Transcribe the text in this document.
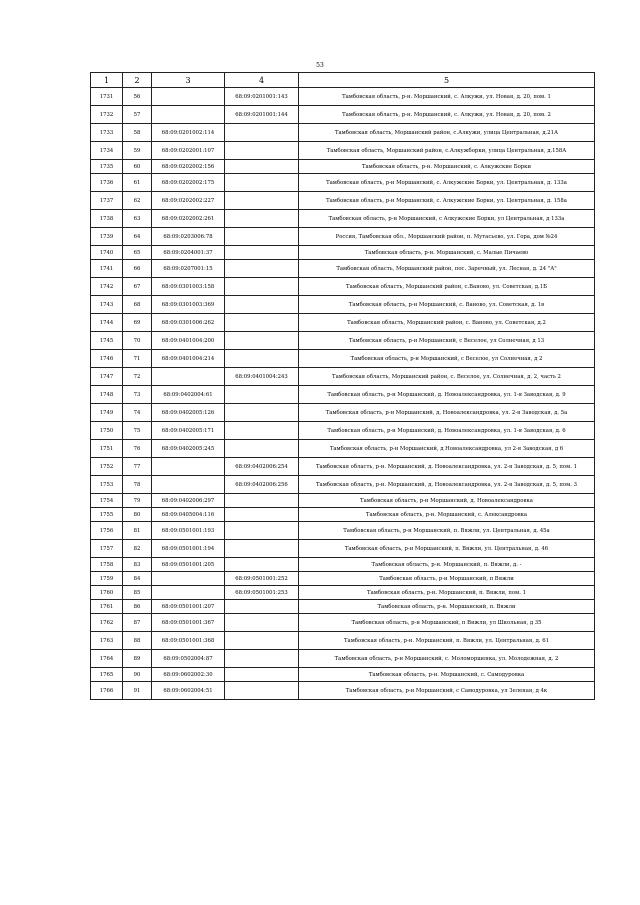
53
1	2	3	4	5
1731	56		68:09:0201001:143	Тамбовская область, р-н. Моршанский, с. Алкужи, ул. Новая, д. 20, пом. 1
1732	57		68:09:0201001:144	Тамбовская область, р-н. Моршанский, с. Алкужи, ул. Новая, д. 20, пом. 2
1733	58	68:09:0201002:114		Тамбовская область, Моршанский район, с.Алкужи, улица Центральная, д.21А
1734	59	68:09:0202001:107		Тамбовская область, Моршанский район, с.Алкужборки, улица Центральная, д.158А
1735	60	68:09:0202002:156		Тамбовская область, р-н. Моршанский, с. Алкужские Борки
1736	61	68:09:0202002:175		Тамбовская область, р-н Моршанский, с. Алкужские Борки, ул. Центральная, д. 133а
1737	62	68:09:0202002:227		Тамбовская область, р-н Моршанский, с. Алкужские Борки, ул. Центральная, д. 158а
1738	63	68:09:0202002:261		Тамбовская область, р-н Моршанский, с Алкужские Борки, ул Центральная, д 133а
1739	64	68:09:0203006:78		Россия, Тамбовская обл., Моршанский район, п. Мутасьево, ул. Гора, дом №24
1740	65	68:09:0204001:37		Тамбовская область, р-н. Моршанский, с. Малые Пичаево
1741	66	68:09:0207001:15		Тамбовская область, Моршанский район, пос. Заречный, ул. Лесная, д. 24 "А"
1742	67	68:09:0301003:158		Тамбовская область, Моршанский район, с.Ваново, ул. Советская, д.1Б
1743	68	68:09:0301003:369		Тамбовская область, р-н Моршанский, с. Ваново, ул. Советская, д. 1в
1744	69	68:09:0301006:262		Тамбовская область, Моршанский район, с. Ваново, ул. Советская, д.2
1745	70	68:09:0401004:200		Тамбовская область, р-н Моршанский, с Веселое, ул Солнечная, д 13
1746	71	68:09:0401004:214		Тамбовская область, р-н Моршанский, с Веселое, ул Солнечная, д 2
1747	72		68:09:0401004:243	Тамбовская область, Моршанский район, с. Веселое, ул. Солнечная, д. 2, часть 2
1748	73	68:09:0402004:61		Тамбовская область, р-н Моршанский, д. Новоалександровка, ул. 1-я Заводская, д. 9
1749	74	68:09:0402005:126		Тамбовская область, р-н Моршанский, д. Новоалександровка, ул. 2-я Заводская, д. 5а
1750	75	68:09:0402005:171		Тамбовская область, р-н Моршанский, д. Новоалександровка, ул. 1-я Заводская, д. 6
1751	76	68:09:0402005:245		Тамбовская область, р-н Моршанский, д Новоалександровка, ул 2-я Заводская, д 6
1752	77		68:09:0402006:254	Тамбовская область, р-н. Моршанский, д. Новоалександровка, ул. 2-я Заводская, д. 5, пом. 1
1753	78		68:09:0402006:256	Тамбовская область, р-н. Моршанский, д. Новоалександровка, ул. 2-я Заводская, д. 5, пом. 3
1754	79	68:09:0402006:297		Тамбовская область, р-н Моршанский, д. Новоалександровка
1755	80	68:09:0405004:116		Тамбовская область, р-н. Моршанский, с. Александровка
1756	81	68:09:0501001:193		Тамбовская область, р-н Моршанский, п. Вяжли, ул. Центральная, д. 45а
1757	82	68:09:0501001:194		Тамбовская область, р-н Моршанский, п. Вяжли, ул. Центральная, д. 46
1758	83	68:09:0501001:205		Тамбовская область, р-н. Моршанский, п. Вяжли, д. -
1759	84		68:09:0501001:252	Тамбовская область, р-н Моршанский, п Вяжли
1760	85		68:09:0501001:253	Тамбовская область, р-н. Моршанский, п. Вяжли, пом. 1
1761	86	68:09:0501001:207		Тамбовская область, р-н. Моршанский, п. Вяжли
1762	87	68:09:0501001:367		Тамбовская область, р-н Моршанский, п Вяжли, ул Школьная, д 35
1763	88	68:09:0501001:368		Тамбовская область, р-н. Моршанский, п. Вяжли, ул. Центральная, д. 61
1764	89	68:09:0502004:87		Тамбовская область, р-н Моршанский, с. Моломоршенка, ул. Молодежная, д. 2
1765	90	68:09:0602002:30		Тамбовская область, р-н. Моршанский, с. Самодуровка
1766	91	68:09:0602004:51		Тамбовская область, р-н Моршанский, с Самодуровка, ул Зеленая, д 4к
